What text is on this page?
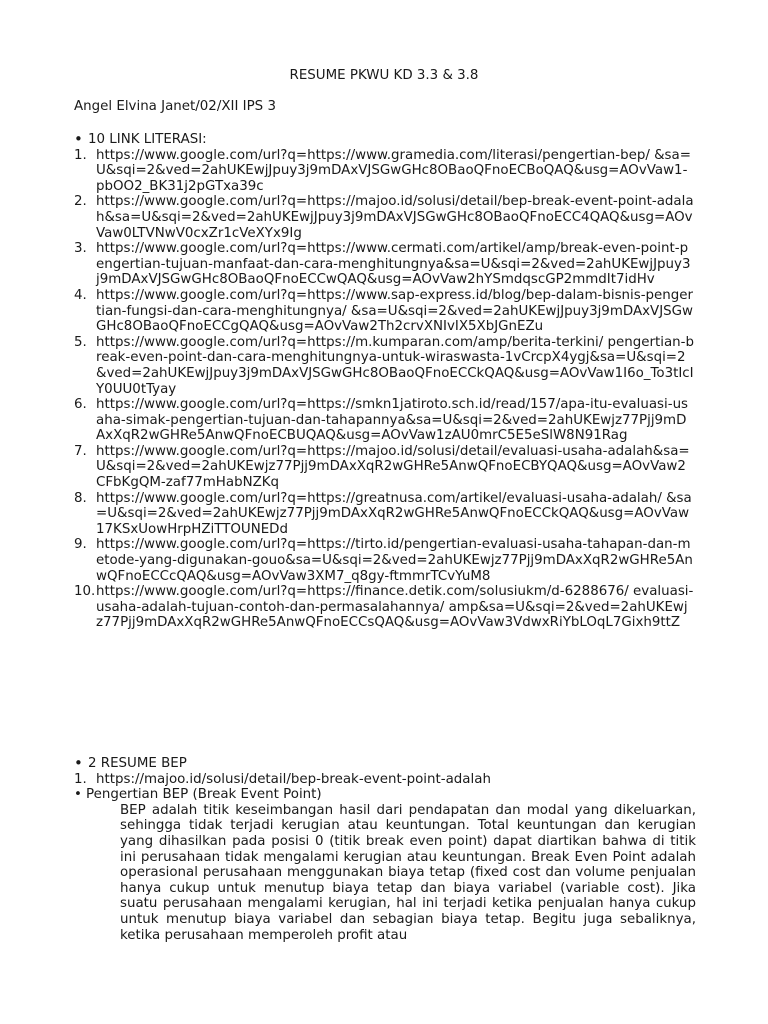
RESUME PKWU KD 3.3 & 3.8
Angel Elvina Janet/02/XII IPS 3
• 10 LINK LITERASI:
1. https://www.google.com/url?q=https://www.gramedia.com/literasi/pengertian-bep/ &sa=U&sqi=2&ved=2ahUKEwjJpuy3j9mDAxVJSGwGHc8OBaoQFnoECBoQAQ&usg=AOvVaw1-pbOO2_BK31j2pGTxa39c
2. https://www.google.com/url?q=https://majoo.id/solusi/detail/bep-break-event-point-adalah&sa=U&sqi=2&ved=2ahUKEwjJpuy3j9mDAxVJSGwGHc8OBaoQFnoECC4QAQ&usg=AOvVaw0LTVNwV0cxZr1cVeXYx9Ig
3. https://www.google.com/url?q=https://www.cermati.com/artikel/amp/break-even-point-pengertian-tujuan-manfaat-dan-cara-menghitungnya&sa=U&sqi=2&ved=2ahUKEwjJpuy3j9mDAxVJSGwGHc8OBaoQFnoECCwQAQ&usg=AOvVaw2hYSmdqscGP2mmdIt7idHv
4. https://www.google.com/url?q=https://www.sap-express.id/blog/bep-dalam-bisnis-pengertian-fungsi-dan-cara-menghitungnya/ &sa=U&sqi=2&ved=2ahUKEwjJpuy3j9mDAxVJSGwGHc8OBaoQFnoECCgQAQ&usg=AOvVaw2Th2crvXNIvIX5XbJGnEZu
5. https://www.google.com/url?q=https://m.kumparan.com/amp/berita-terkini/ pengertian-break-even-point-dan-cara-menghitungnya-untuk-wiraswasta-1vCrcpX4ygj&sa=U&sqi=2&ved=2ahUKEwjJpuy3j9mDAxVJSGwGHc8OBaoQFnoECCkQAQ&usg=AOvVaw1I6o_To3tIcIY0UU0tTyay
6. https://www.google.com/url?q=https://smkn1jatiroto.sch.id/read/157/apa-itu-evaluasi-usaha-simak-pengertian-tujuan-dan-tahapannya&sa=U&sqi=2&ved=2ahUKEwjz77Pjj9mDAxXqR2wGHRe5AnwQFnoECBUQAQ&usg=AOvVaw1zAU0mrC5E5eSlW8N91Rag
7. https://www.google.com/url?q=https://majoo.id/solusi/detail/evaluasi-usaha-adalah&sa=U&sqi=2&ved=2ahUKEwjz77Pjj9mDAxXqR2wGHRe5AnwQFnoECBYQAQ&usg=AOvVaw2CFbKgQM-zaf77mHabNZKq
8. https://www.google.com/url?q=https://greatnusa.com/artikel/evaluasi-usaha-adalah/ &sa=U&sqi=2&ved=2ahUKEwjz77Pjj9mDAxXqR2wGHRe5AnwQFnoECCkQAQ&usg=AOvVaw17KSxUowHrpHZiTTOUNEDd
9. https://www.google.com/url?q=https://tirto.id/pengertian-evaluasi-usaha-tahapan-dan-metode-yang-digunakan-gouo&sa=U&sqi=2&ved=2ahUKEwjz77Pjj9mDAxXqR2wGHRe5AnwQFnoECCcQAQ&usg=AOvVaw3XM7_q8gy-ftmmrTCvYuM8
10. https://www.google.com/url?q=https://finance.detik.com/solusiukm/d-6288676/ evaluasi-usaha-adalah-tujuan-contoh-dan-permasalahannya/ amp&sa=U&sqi=2&ved=2ahUKEwjz77Pjj9mDAxXqR2wGHRe5AnwQFnoECCsQAQ&usg=AOvVaw3VdwxRiYbLOqL7Gixh9ttZ
• 2 RESUME BEP
1. https://majoo.id/solusi/detail/bep-break-event-point-adalah
• Pengertian BEP (Break Event Point)

BEP adalah titik keseimbangan hasil dari pendapatan dan modal yang dikeluarkan, sehingga tidak terjadi kerugian atau keuntungan. Total keuntungan dan kerugian yang dihasilkan pada posisi 0 (titik break even point) dapat diartikan bahwa di titik ini perusahaan tidak mengalami kerugian atau keuntungan. Break Even Point adalah operasional perusahaan menggunakan biaya tetap (fixed cost dan volume penjualan hanya cukup untuk menutup biaya tetap dan biaya variabel (variable cost). Jika suatu perusahaan mengalami kerugian, hal ini terjadi ketika penjualan hanya cukup untuk menutup biaya variabel dan sebagian biaya tetap. Begitu juga sebaliknya, ketika perusahaan memperoleh profit atau
